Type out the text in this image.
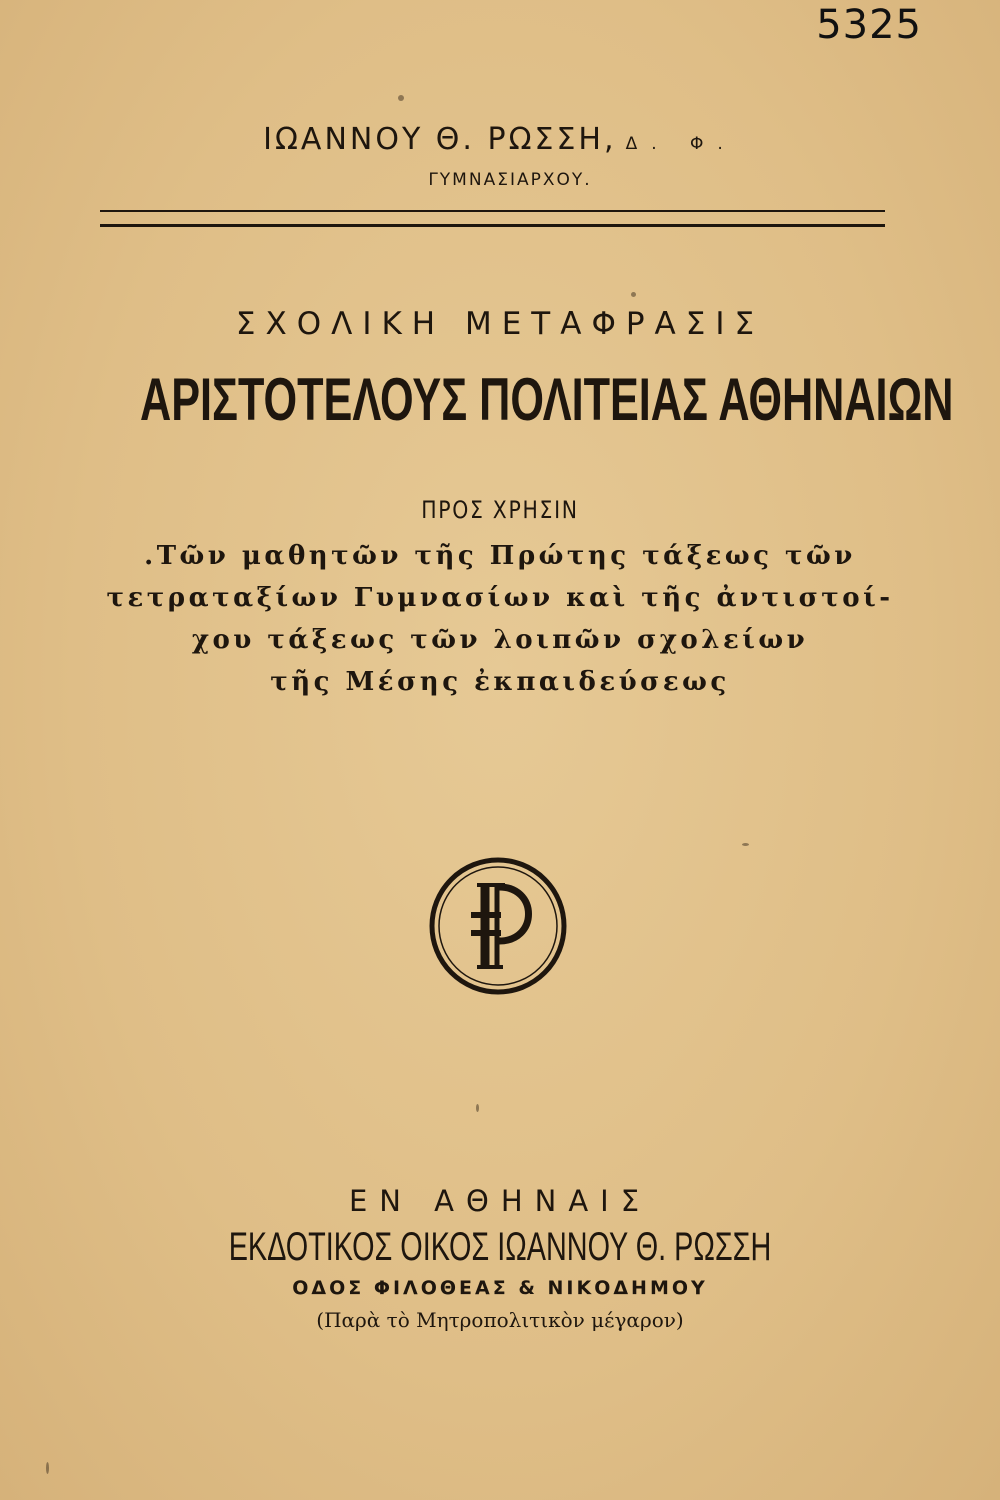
5325
ΙΩΑΝΝΟΥ Θ. ΡΩΣΣΗ, Δ. Φ.
ΓΥΜΝΑΣΙΑΡΧΟΥ.
ΣΧΟΛΙΚΗ ΜΕΤΑΦΡΑΣΙΣ
ΑΡΙΣΤΟΤΕΛΟΥΣ ΠΟΛΙΤΕΙΑΣ ΑΘΗΝΑΙΩΝ
ΠΡΟΣ ΧΡΗΣΙΝ
.Τῶν μαθητῶν τῆς Πρώτης τάξεως τῶν
τετραταξίων Γυμνασίων καὶ τῆς ἀντιστοί-
χου τάξεως τῶν λοιπῶν σχολείων
τῆς Μέσης ἐκπαιδεύσεως
ΕΝ ΑΘΗΝΑΙΣ
ΕΚΔΟΤΙΚΟΣ ΟΙΚΟΣ ΙΩΑΝΝΟΥ Θ. ΡΩΣΣΗ
ΟΔΟΣ ΦΙΛΟΘΕΑΣ & ΝΙΚΟΔΗΜΟΥ
(Παρὰ τὸ Μητροπολιτικὸν μέγαρον)
